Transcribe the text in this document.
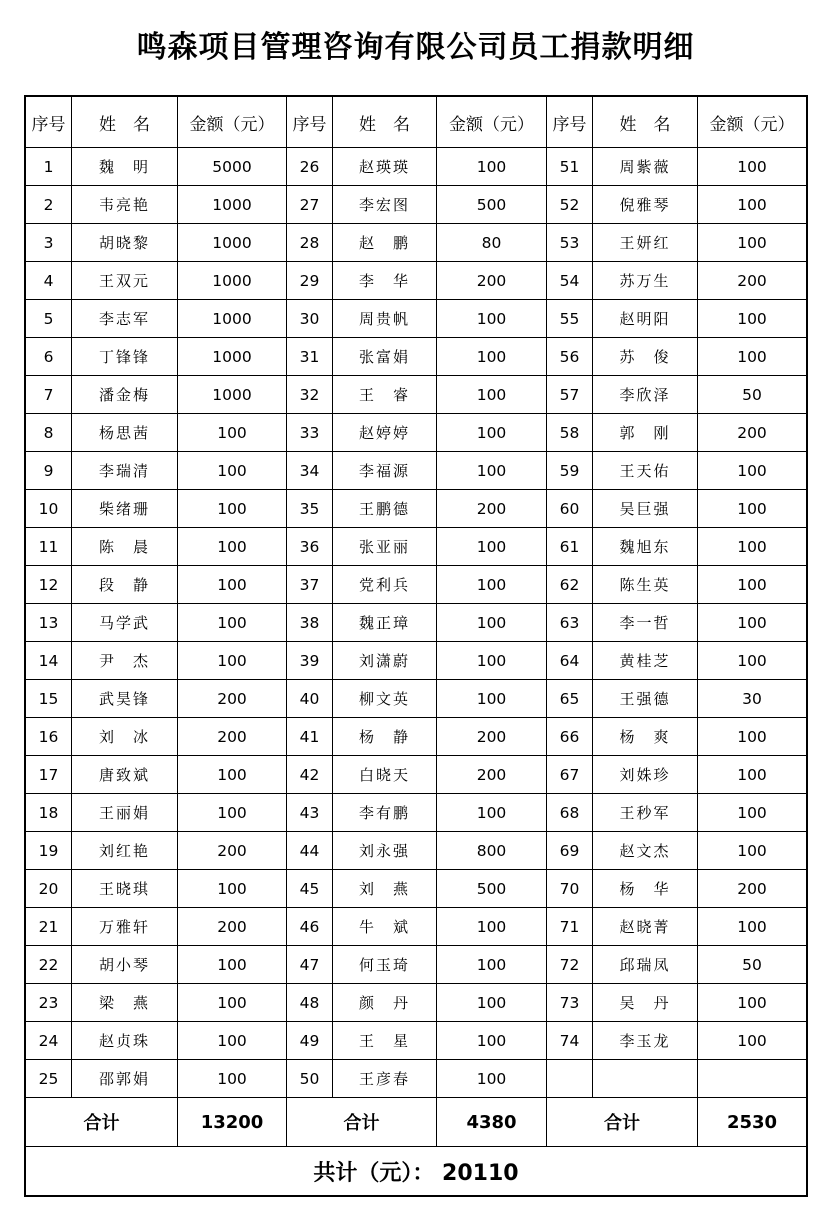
鸣森项目管理咨询有限公司员工捐款明细
序号	姓　名	金额（元）	序号	姓　名	金额（元）	序号	姓　名	金额（元）
1	魏　明	5000	26	赵瑛瑛	100	51	周紫薇	100
2	韦亮艳	1000	27	李宏图	500	52	倪雅琴	100
3	胡晓黎	1000	28	赵　鹏	80	53	王妍红	100
4	王双元	1000	29	李　华	200	54	苏万生	200
5	李志军	1000	30	周贵帆	100	55	赵明阳	100
6	丁锋锋	1000	31	张富娟	100	56	苏　俊	100
7	潘金梅	1000	32	王　睿	100	57	李欣泽	50
8	杨思茜	100	33	赵婷婷	100	58	郭　刚	200
9	李瑞清	100	34	李福源	100	59	王天佑	100
10	柴绪珊	100	35	王鹏德	200	60	吴巨强	100
11	陈　晨	100	36	张亚丽	100	61	魏旭东	100
12	段　静	100	37	党利兵	100	62	陈生英	100
13	马学武	100	38	魏正璋	100	63	李一哲	100
14	尹　杰	100	39	刘潇蔚	100	64	黄桂芝	100
15	武昊锋	200	40	柳文英	100	65	王强德	30
16	刘　冰	200	41	杨　静	200	66	杨　爽	100
17	唐致斌	100	42	白晓天	200	67	刘姝珍	100
18	王丽娟	100	43	李有鹏	100	68	王秒军	100
19	刘红艳	200	44	刘永强	800	69	赵文杰	100
20	王晓琪	100	45	刘　燕	500	70	杨　华	200
21	万雅轩	200	46	牛　斌	100	71	赵晓菁	100
22	胡小琴	100	47	何玉琦	100	72	邱瑞凤	50
23	梁　燕	100	48	颜　丹	100	73	吴　丹	100
24	赵贞珠	100	49	王　星	100	74	李玉龙	100
25	邵郭娟	100	50	王彦春	100			
合计		13200	合计		4380	合计		2530
共计（元）： 20110								
